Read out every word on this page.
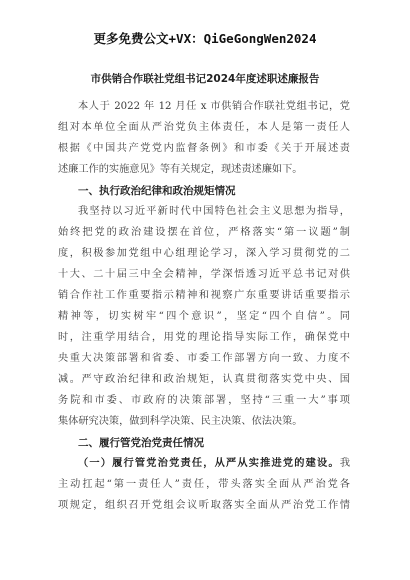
更多免费公文+VX：QiGeGongWen2024
市供销合作联社党组书记2024年度述职述廉报告
本人于 2022 年 12 月任 x 市供销合作联社党组书记，党
组对本单位全面从严治党负主体责任，本人是第一责任人
根据《中国共产党党内监督条例》和市委《关于开展述责
述廉工作的实施意见》等有关规定，现述责述廉如下。
一、执行政治纪律和政治规矩情况
我坚持以习近平新时代中国特色社会主义思想为指导，
始终把党的政治建设摆在首位，严格落实“第一议题”制
度，积极参加党组中心组理论学习，深入学习贯彻党的二
十大、二十届三中全会精神，学深悟透习近平总书记对供
销合作社工作重要指示精神和视察广东重要讲话重要指示
精神等，切实树牢“四个意识”，坚定“四个自信”。同
时，注重学用结合，用党的理论指导实际工作，确保党中
央重大决策部署和省委、市委工作部署方向一致、力度不
减。严守政治纪律和政治规矩，认真贯彻落实党中央、国
务院和市委、市政府的决策部署，坚持“三重一大”事项
集体研究决策，做到科学决策、民主决策、依法决策。
二、履行管党治党责任情况
（一）履行管党治党责任，从严从实推进党的建设。我
主动扛起“第一责任人”责任，带头落实全面从严治党各
项规定，组织召开党组会议听取落实全面从严治党工作情
